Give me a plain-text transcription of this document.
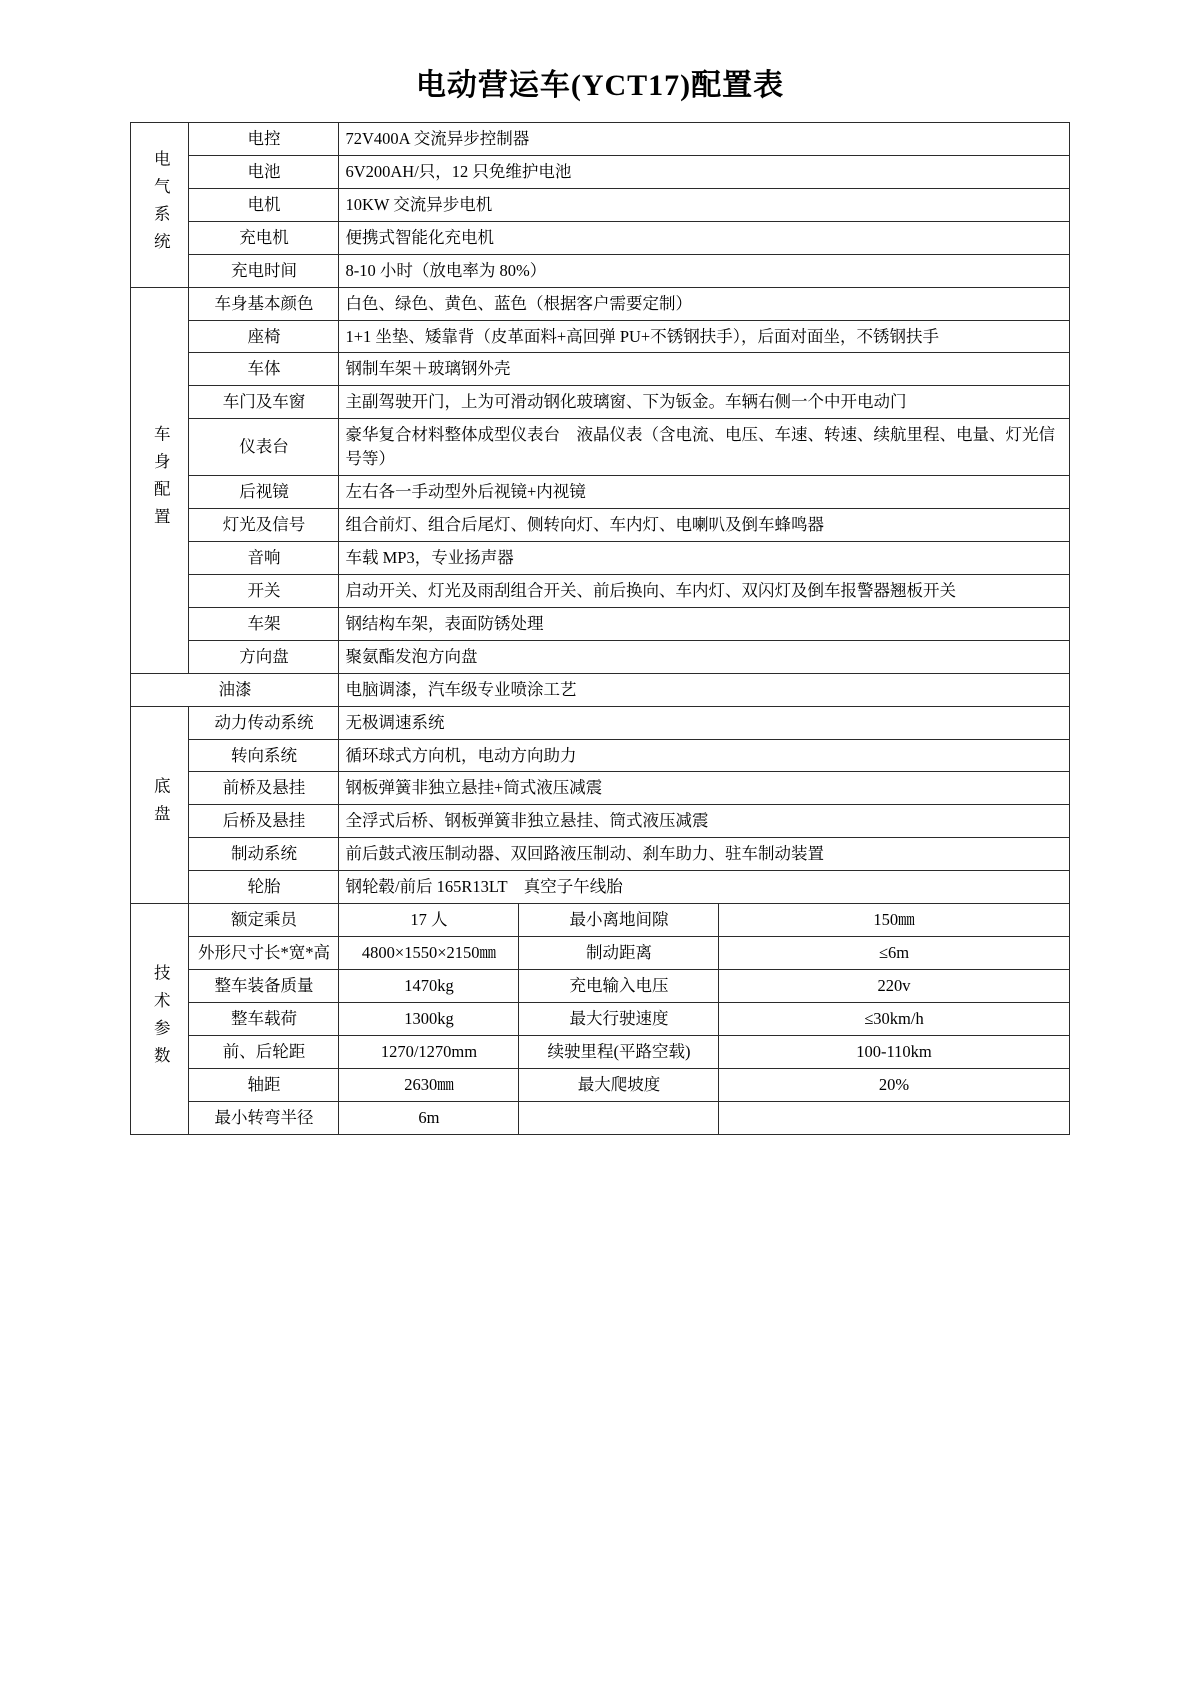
电动营运车(YCT17)配置表
电气系统	电控	72V400A 交流异步控制器		
	电池	6V200AH/只，12 只免维护电池		
	电机	10KW 交流异步电机		
	充电机	便携式智能化充电机		
	充电时间	8-10 小时（放电率为 80%）		

车身配置	车身基本颜色	白色、绿色、黄色、蓝色（根据客户需要定制）		
	座椅	1+1 坐垫、矮靠背（皮革面料+高回弹 PU+不锈钢扶手），后面对面坐，不锈钢扶手		
	车体	钢制车架＋玻璃钢外壳		
	车门及车窗	主副驾驶开门，上为可滑动钢化玻璃窗、下为钣金。车辆右侧一个中开电动门		
	仪表台	豪华复合材料整体成型仪表台　液晶仪表（含电流、电压、车速、转速、续航里程、电量、灯光信号等）		
	后视镜	左右各一手动型外后视镜+内视镜		
	灯光及信号	组合前灯、组合后尾灯、侧转向灯、车内灯、电喇叭及倒车蜂鸣器		
	音响	车载 MP3，专业扬声器		
	开关	启动开关、灯光及雨刮组合开关、前后换向、车内灯、双闪灯及倒车报警器翘板开关		
	车架	钢结构车架，表面防锈处理		
	方向盘	聚氨酯发泡方向盘		
油漆		电脑调漆，汽车级专业喷涂工艺		

底盘	动力传动系统	无极调速系统		
	转向系统	循环球式方向机，电动方向助力		
	前桥及悬挂	钢板弹簧非独立悬挂+筒式液压减震		
	后桥及悬挂	全浮式后桥、钢板弹簧非独立悬挂、筒式液压减震		
	制动系统	前后鼓式液压制动器、双回路液压制动、刹车助力、驻车制动装置		
	轮胎	钢轮毂/前后 165R13LT　真空子午线胎		

技术参数	额定乘员	17 人	最小离地间隙	150㎜
	外形尺寸长*宽*高	4800×1550×2150㎜	制动距离	≤6m
	整车装备质量	1470kg	充电输入电压	220v
	整车载荷	1300kg	最大行驶速度	≤30km/h
	前、后轮距	1270/1270mm	续驶里程(平路空载)	100-110km
	轴距	2630㎜	最大爬坡度	20%
	最小转弯半径	6m		
